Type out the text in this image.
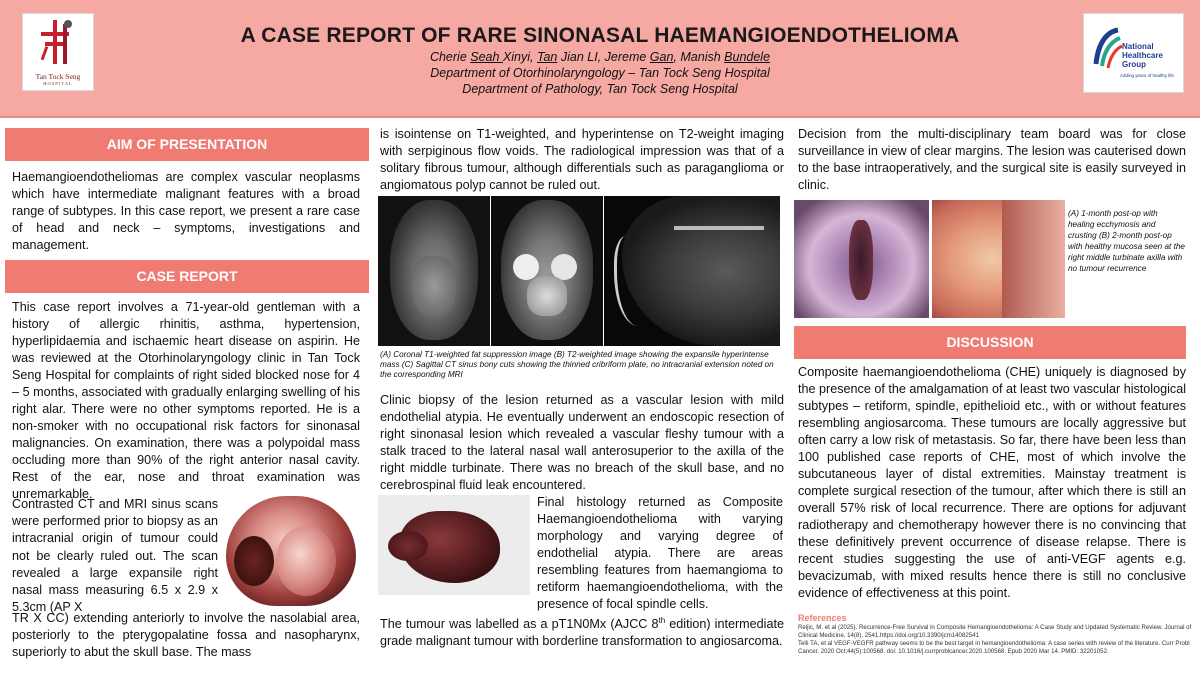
Tan Tock Seng
HOSPITAL
A CASE REPORT OF RARE SINONASAL HAEMANGIOENDOTHELIOMA
Cherie Seah Xinyi, Tan Jian LI, Jereme Gan, Manish Bundele
Department of Otorhinolaryngology – Tan Tock Seng Hospital
Department of Pathology, Tan Tock Seng Hospital
National
Healthcare
Group
Adding years of healthy life
AIM OF PRESENTATION
Haemangioendotheliomas are complex vascular neoplasms which have intermediate malignant features with a broad range of subtypes. In this case report, we present a rare case of head and neck – symptoms, investigations and management.
CASE REPORT
This case report involves a 71-year-old gentleman with a history of allergic rhinitis, asthma, hypertension, hyperlipidaemia and ischaemic heart disease on aspirin. He was reviewed at the Otorhinolaryngology clinic in Tan Tock Seng Hospital for complaints of right sided blocked nose for 4 – 5 months, associated with gradually enlarging swelling of his right alar. There were no other symptoms reported. He is a non-smoker with no occupational risk factors for sinonasal malignancies. On examination, there was a polypoidal mass occluding more than 90% of the right anterior nasal cavity. Rest of the ear, nose and throat examination was unremarkable.
Contrasted CT and MRI sinus scans were performed prior to biopsy as an intracranial origin of tumour could not be clearly ruled out. The scan revealed a large expansile right nasal mass measuring 6.5 x 2.9 x 5.3cm (AP X
TR X CC) extending anteriorly to involve the nasolabial area, posteriorly to the pterygopalatine fossa and nasopharynx, superiorly to abut the skull base. The mass
is isointense on T1-weighted, and hyperintense on T2-weight imaging with serpiginous flow voids. The radiological impression was that of a solitary fibrous tumour, although differentials such as paraganglioma or angiomatous polyp cannot be ruled out.
(A) Coronal T1-weighted fat suppression image (B) T2-weighted image showing the expansile hyperintense mass (C) Sagittal CT sinus bony cuts showing the thinned cribriform plate, no intracranial extension noted on the corresponding MRI
Clinic biopsy of the lesion returned as a vascular lesion with mild endothelial atypia. He eventually underwent an endoscopic resection of right sinonasal lesion which revealed a vascular fleshy tumour with a stalk traced to the lateral nasal wall anterosuperior to the axilla of the right middle turbinate. There was no breach of the skull base, and no cerebrospinal fluid leak encountered.
Final histology returned as Composite Haemangioendothelioma with varying morphology and varying degree of endothelial atypia. There are areas resembling features from haemangioma to retiform haemangioendothelioma, with the presence of focal spindle cells.
The tumour was labelled as a pT1N0Mx (AJCC 8th edition) intermediate grade malignant tumour with borderline transformation to angiosarcoma.
Decision from the multi-disciplinary team board was for close surveillance in view of clear margins. The lesion was cauterised down to the base intraoperatively, and the surgical site is easily surveyed in clinic.
(A) 1-month post-op with healing ecchymosis and crusting (B) 2-month post-op with healthy mucosa seen at the right middle turbinate axilla with no tumour recurrence
DISCUSSION
Composite haemangioendothelioma (CHE) uniquely is diagnosed by the presence of the amalgamation of at least two vascular histological subtypes – retiform, spindle, epithelioid etc., with or without features resembling angiosarcoma. These tumours are locally aggressive but often carry a low risk of metastasis. So far, there have been less than 100 published case reports of CHE, most of which involve the subcutaneous layer of distal extremities. Mainstay treatment is complete surgical resection of the tumour, after which there is still an overall 57% risk of local recurrence. There are options for adjuvant radiotherapy and chemotherapy however there is no convincing that these definitively prevent occurrence of disease relapse. There is recent studies suggesting the use of anti-VEGF agents e.g. bevacizumab, with mixed results hence there is still no conclusive evidence of effectiveness at this point.
References
Reljic, M. et al (2025). Recurrence-Free Survival in Composite Hemangioendothelioma: A Case Study and Updated Systematic Review. Journal of Clinical Medicine, 14(8), 2541.https://doi.org/10.3390/jcm14082541
Telli TA, et al VEGF-VEGFR pathway seems to be the best target in hemangioendothelioma: A case series with review of the literature. Curr Probl Cancer. 2020 Oct;44(5):100568. doi: 10.1016/j.currproblcancer.2020.100568. Epub 2020 Mar 14. PMID: 32201052.
